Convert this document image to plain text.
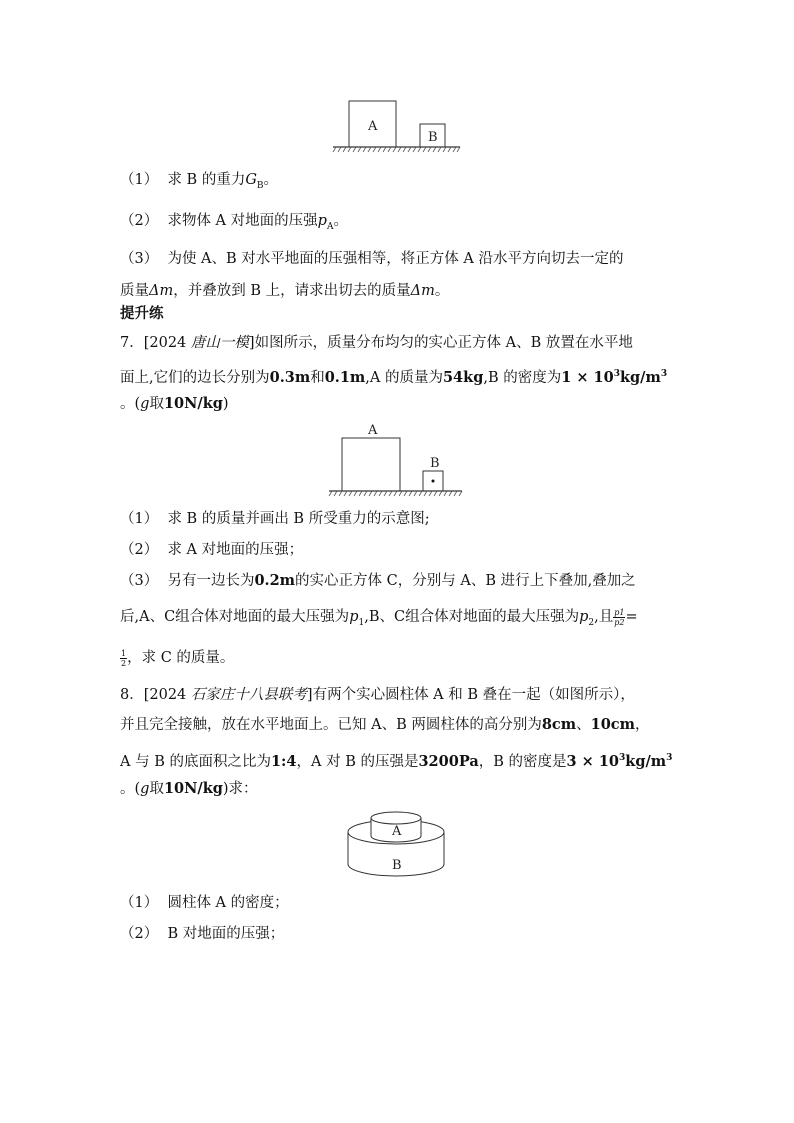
A
B
（1） 求 B 的重力$G_B$。
（2） 求物体 A 对地面的压强$p_A$。
（3） 为使 A、B 对水平地面的压强相等，将正方体 A 沿水平方向切去一定的
质量Δm，并叠放到 B 上，请求出切去的质量Δm。
提升练
7．[2024 唐山一模]如图所示，质量分布均匀的实心正方体 A、B 放置在水平地
面上,它们的边长分别为0.3m和0.1m,A 的质量为54kg,B 的密度为$1 \times 10^3kg/m^3$
。(g取10N/kg)
A
B
（1） 求 B 的质量并画出 B 所受重力的示意图;
（2） 求 A 对地面的压强；
（3） 另有一边长为0.2m的实心正方体 C，分别与 A、B 进行上下叠加,叠加之
后,A、C组合体对地面的最大压强为$p_1,B$、C组合体对地面的最大压强为$p_2$,且 $\frac{p1}{p2}$ =
$\frac{1}{2}$ ，求 C 的质量。
8．[2024 石家庄十八县联考]有两个实心圆柱体 A 和 B 叠在一起（如图所示），
并且完全接触，放在水平地面上。已知 A、B 两圆柱体的高分别为8cm、10cm，
A 与 B 的底面积之比为1:4，A 对 B 的压强是3200Pa，B 的密度是$3 \times 10^3kg/m^3$
。(g取10N/kg)求：
A
B
（1） 圆柱体 A 的密度；
（2） B 对地面的压强；
